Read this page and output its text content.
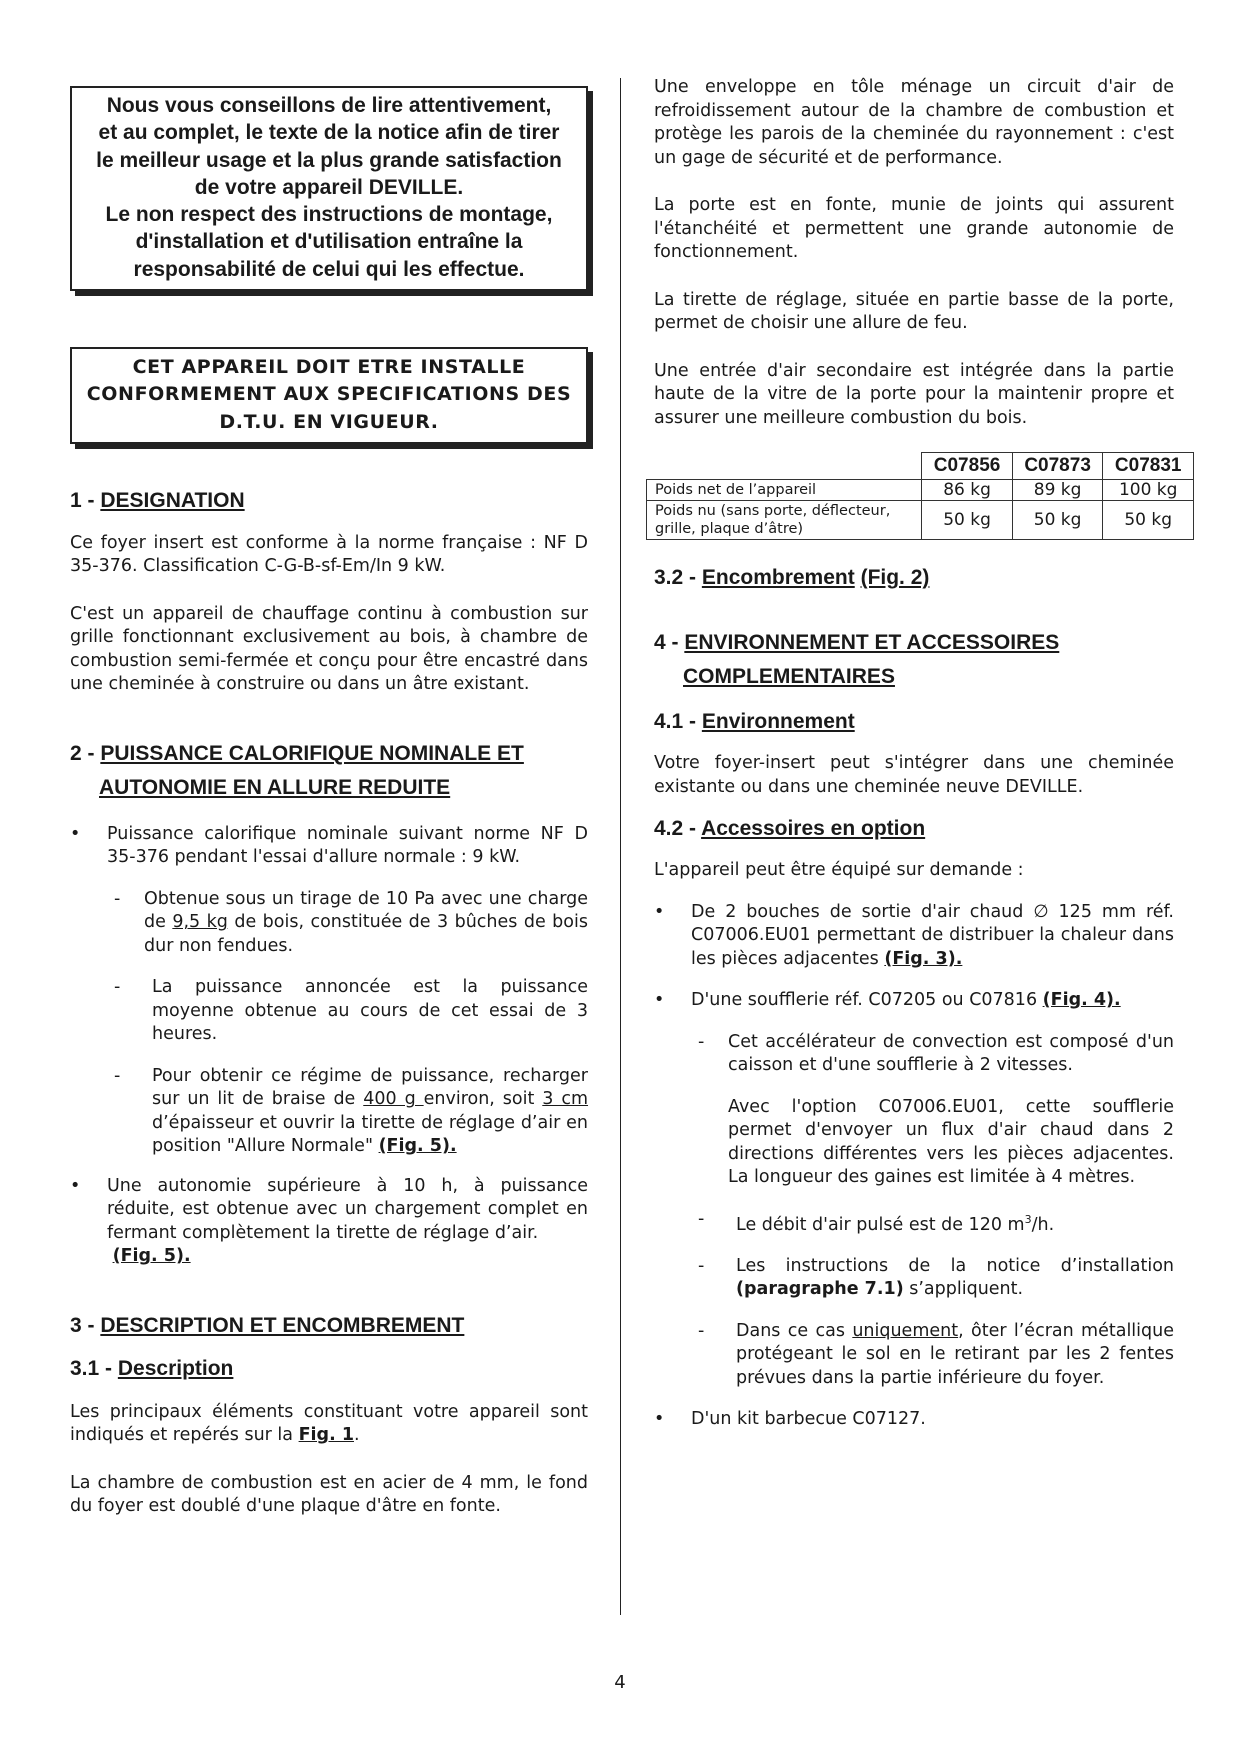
Nous vous conseillons de lire attentivement,
et au complet, le texte de la notice afin de tirer
le meilleur usage et la plus grande satisfaction
de votre appareil DEVILLE.
Le non respect des instructions de montage,
d'installation et d'utilisation entraîne la
responsabilité de celui qui les effectue.
CET APPAREIL DOIT ETRE INSTALLE
CONFORMEMENT AUX SPECIFICATIONS DES
D.T.U. EN VIGUEUR.
1 - DESIGNATION

Ce foyer insert est conforme à la norme française : NF D 35-376. Classification C-G-B-sf-Em/In 9 kW.

C'est un appareil de chauffage continu à combustion sur grille fonctionnant exclusivement au bois, à chambre de combustion semi-fermée et conçu pour être encastré dans une cheminée à construire ou dans un âtre existant.

2 - PUISSANCE CALORIFIQUE NOMINALE ET
AUTONOMIE EN ALLURE REDUITE

• Puissance calorifique nominale suivant norme NF D 35-376 pendant l'essai d'allure normale : 9 kW.

- Obtenue sous un tirage de 10 Pa avec une charge de 9,5 kg de bois, constituée de 3 bûches de bois dur non fendues.

- La puissance annoncée est la puissance moyenne obtenue au cours de cet essai de 3 heures.

- Pour obtenir ce régime de puissance, recharger sur un lit de braise de 400 g environ, soit 3 cm d’épaisseur et ouvrir la tirette de réglage d’air en position "Allure Normale" (Fig. 5).

• Une autonomie supérieure à 10 h, à puissance réduite, est obtenue avec un chargement complet en fermant complètement la tirette de réglage d’air.
(Fig. 5).

3 - DESCRIPTION ET ENCOMBREMENT
3.1 - Description

Les principaux éléments constituant votre appareil sont indiqués et repérés sur la Fig. 1.

La chambre de combustion est en acier de 4 mm, le fond du foyer est doublé d'une plaque d'âtre en fonte.

Une enveloppe en tôle ménage un circuit d'air de refroidissement autour de la chambre de combustion et protège les parois de la cheminée du rayonnement : c'est un gage de sécurité et de performance.

La porte est en fonte, munie de joints qui assurent l'étanchéité et permettent une grande autonomie de fonctionnement.

La tirette de réglage, située en partie basse de la porte, permet de choisir une allure de feu.

Une entrée d'air secondaire est intégrée dans la partie haute de la vitre de la porte pour la maintenir propre et assurer une meilleure combustion du bois.

	C07856	C07873	C07831
Poids net de l’appareil	86 kg	89 kg	100 kg
Poids nu (sans porte, déflecteur, grille, plaque d’âtre)	50 kg	50 kg	50 kg
3.2 - Encombrement (Fig. 2)
4 - ENVIRONNEMENT ET ACCESSOIRES
COMPLEMENTAIRES
4.1 - Environnement

Votre foyer-insert peut s'intégrer dans une cheminée existante ou dans une cheminée neuve DEVILLE.

4.2 - Accessoires en option

L'appareil peut être équipé sur demande :

• De 2 bouches de sortie d'air chaud ∅ 125 mm réf. C07006.EU01 permettant de distribuer la chaleur dans les pièces adjacentes (Fig. 3).

• D'une soufflerie réf. C07205 ou C07816 (Fig. 4).

- Cet accélérateur de convection est composé d'un caisson et d'une soufflerie à 2 vitesses.

Avec l'option C07006.EU01, cette soufflerie permet d'envoyer un flux d'air chaud dans 2 directions différentes vers les pièces adjacentes. La longueur des gaines est limitée à 4 mètres.

- Le débit d'air pulsé est de 120 $m^3/h$.

- Les instructions de la notice d’installation (paragraphe 7.1) s’appliquent.

- Dans ce cas uniquement, ôter l’écran métallique protégeant le sol en le retirant par les 2 fentes prévues dans la partie inférieure du foyer.

• D'un kit barbecue C07127.

4
